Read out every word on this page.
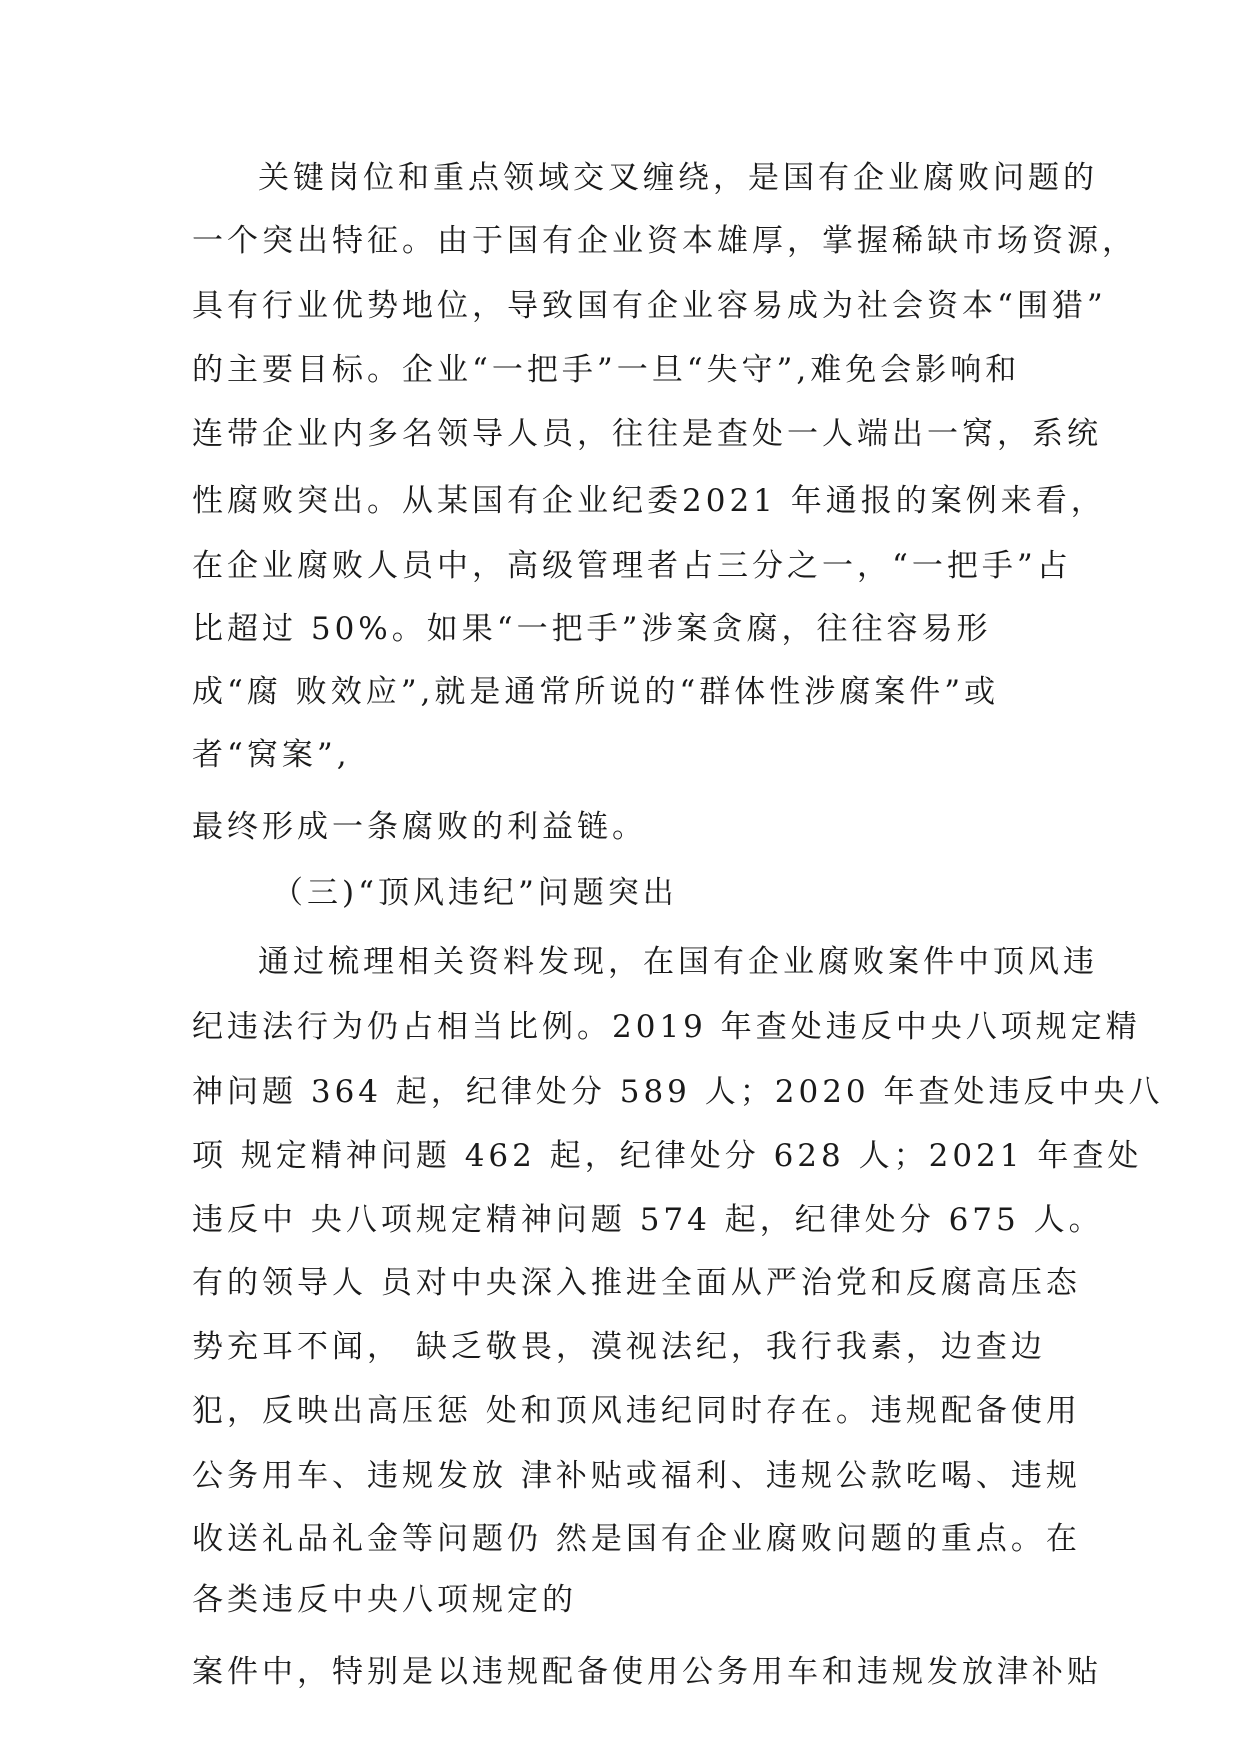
关键岗位和重点领域交叉缠绕，是国有企业腐败问题的

一个突出特征。由于国有企业资本雄厚，掌握稀缺市场资源，

具有行业优势地位，导致国有企业容易成为社会资本“围猎”

的主要目标。企业“一把手”一旦“失守”,难免会影响和

连带企业内多名领导人员，往往是查处一人端出一窝，系统

性腐败突出。从某国有企业纪委2021 年通报的案例来看，

在企业腐败人员中，高级管理者占三分之一，“一把手”占

比超过 50%。如果“一把手”涉案贪腐，往往容易形

成“腐 败效应”,就是通常所说的“群体性涉腐案件”或

者“窝案”,

最终形成一条腐败的利益链。

（三)“顶风违纪”问题突出

通过梳理相关资料发现，在国有企业腐败案件中顶风违

纪违法行为仍占相当比例。2019 年查处违反中央八项规定精

神问题 364 起，纪律处分 589 人；2020 年查处违反中央八

项 规定精神问题 462 起，纪律处分 628 人；2021 年查处

违反中 央八项规定精神问题 574 起，纪律处分 675 人。

有的领导人 员对中央深入推进全面从严治党和反腐高压态

势充耳不闻， 缺乏敬畏，漠视法纪，我行我素，边查边

犯，反映出高压惩 处和顶风违纪同时存在。违规配备使用

公务用车、违规发放 津补贴或福利、违规公款吃喝、违规

收送礼品礼金等问题仍 然是国有企业腐败问题的重点。在

各类违反中央八项规定的

案件中，特别是以违规配备使用公务用车和违规发放津补贴
